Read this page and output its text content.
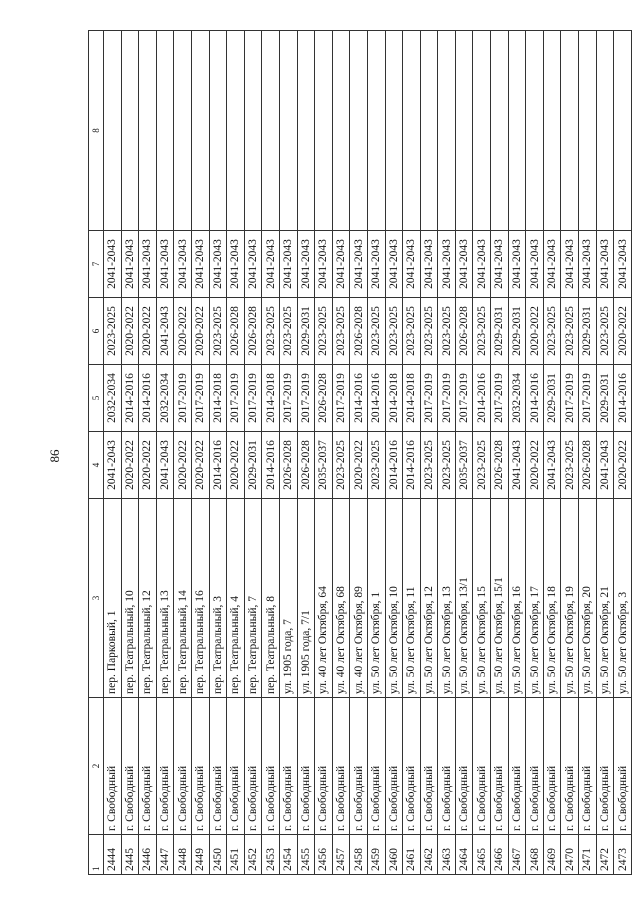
86
1	2	3	4	5	6	7	8
2444	г. Свободный	пер. Парковый, 1	2041-2043	2032-2034	2023-2025	2041-2043	
2445	г. Свободный	пер. Театральный, 10	2020-2022	2014-2016	2020-2022	2041-2043	
2446	г. Свободный	пер. Театральный, 12	2020-2022	2014-2016	2020-2022	2041-2043	
2447	г. Свободный	пер. Театральный, 13	2041-2043	2032-2034	2041-2043	2041-2043	
2448	г. Свободный	пер. Театральный, 14	2020-2022	2017-2019	2020-2022	2041-2043	
2449	г. Свободный	пер. Театральный, 16	2020-2022	2017-2019	2020-2022	2041-2043	
2450	г. Свободный	пер. Театральный, 3	2014-2016	2014-2018	2023-2025	2041-2043	
2451	г. Свободный	пер. Театральный, 4	2020-2022	2017-2019	2026-2028	2041-2043	
2452	г. Свободный	пер. Театральный, 7	2029-2031	2017-2019	2026-2028	2041-2043	
2453	г. Свободный	пер. Театральный, 8	2014-2016	2014-2018	2023-2025	2041-2043	
2454	г. Свободный	ул. 1905 года, 7	2026-2028	2017-2019	2023-2025	2041-2043	
2455	г. Свободный	ул. 1905 года, 7/1	2026-2028	2017-2019	2029-2031	2041-2043	
2456	г. Свободный	ул. 40 лет Октября, 64	2035-2037	2026-2028	2023-2025	2041-2043	
2457	г. Свободный	ул. 40 лет Октября, 68	2023-2025	2017-2019	2023-2025	2041-2043	
2458	г. Свободный	ул. 40 лет Октября, 89	2020-2022	2014-2016	2026-2028	2041-2043	
2459	г. Свободный	ул. 50 лет Октября, 1	2023-2025	2014-2016	2023-2025	2041-2043	
2460	г. Свободный	ул. 50 лет Октября, 10	2014-2016	2014-2018	2023-2025	2041-2043	
2461	г. Свободный	ул. 50 лет Октября, 11	2014-2016	2014-2018	2023-2025	2041-2043	
2462	г. Свободный	ул. 50 лет Октября, 12	2023-2025	2017-2019	2023-2025	2041-2043	
2463	г. Свободный	ул. 50 лет Октября, 13	2023-2025	2017-2019	2023-2025	2041-2043	
2464	г. Свободный	ул. 50 лет Октября, 13/1	2035-2037	2017-2019	2026-2028	2041-2043	
2465	г. Свободный	ул. 50 лет Октября, 15	2023-2025	2014-2016	2023-2025	2041-2043	
2466	г. Свободный	ул. 50 лет Октября, 15/1	2026-2028	2017-2019	2029-2031	2041-2043	
2467	г. Свободный	ул. 50 лет Октября, 16	2041-2043	2032-2034	2029-2031	2041-2043	
2468	г. Свободный	ул. 50 лет Октября, 17	2020-2022	2014-2016	2020-2022	2041-2043	
2469	г. Свободный	ул. 50 лет Октября, 18	2041-2043	2029-2031	2023-2025	2041-2043	
2470	г. Свободный	ул. 50 лет Октября, 19	2023-2025	2017-2019	2023-2025	2041-2043	
2471	г. Свободный	ул. 50 лет Октября, 20	2026-2028	2017-2019	2029-2031	2041-2043	
2472	г. Свободный	ул. 50 лет Октября, 21	2041-2043	2029-2031	2023-2025	2041-2043	
2473	г. Свободный	ул. 50 лет Октября, 3	2020-2022	2014-2016	2020-2022	2041-2043	
